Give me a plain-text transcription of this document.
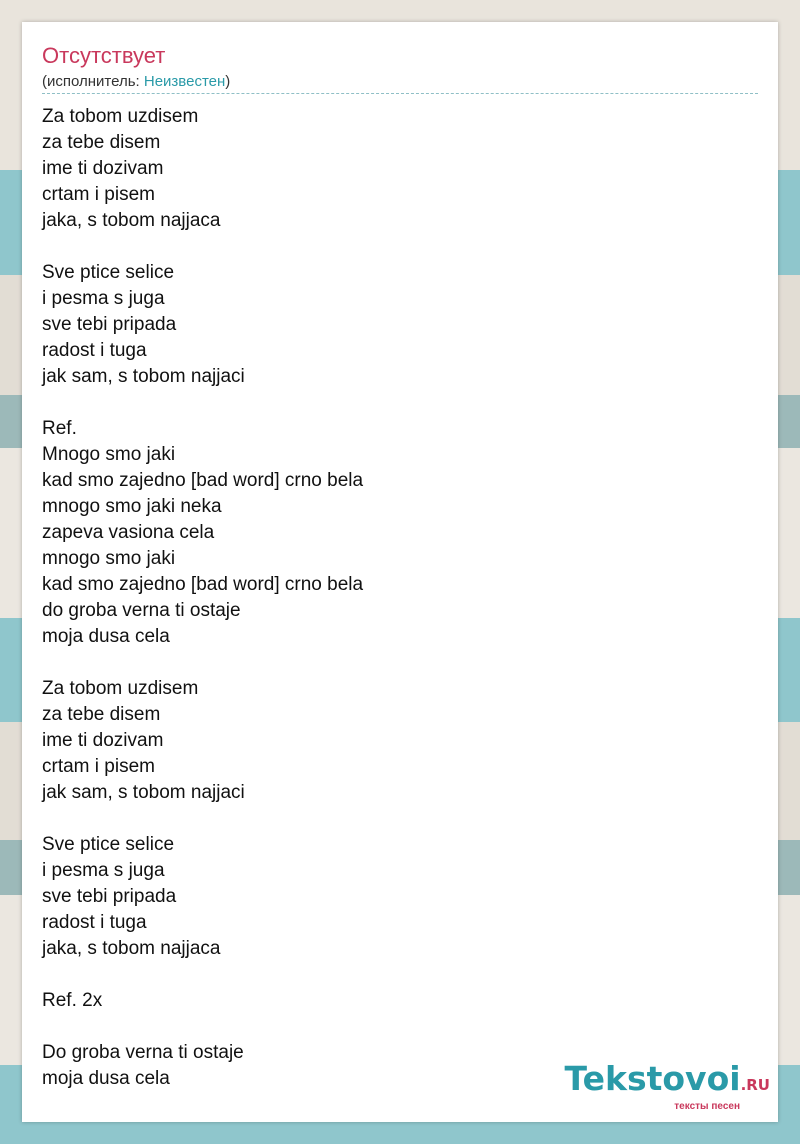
Отсутствует
(исполнитель: Неизвестен)
Za tobom uzdisem
za tebe disem
ime ti dozivam
crtam i pisem
jaka, s tobom najjaca
Sve ptice selice
i pesma s juga
sve tebi pripada
radost i tuga
jak sam, s tobom najjaci
Ref.
Mnogo smo jaki
kad smo zajedno [bad word] crno bela
mnogo smo jaki neka
zapeva vasiona cela
mnogo smo jaki
kad smo zajedno [bad word] crno bela
do groba verna ti ostaje
moja dusa cela
Za tobom uzdisem
za tebe disem
ime ti dozivam
crtam i pisem
jak sam, s tobom najjaci
Sve ptice selice
i pesma s juga
sve tebi pripada
radost i tuga
jaka, s tobom najjaca
Ref. 2x
Do groba verna ti ostaje
moja dusa cela	Tekstovoi.RU
тексты песен
